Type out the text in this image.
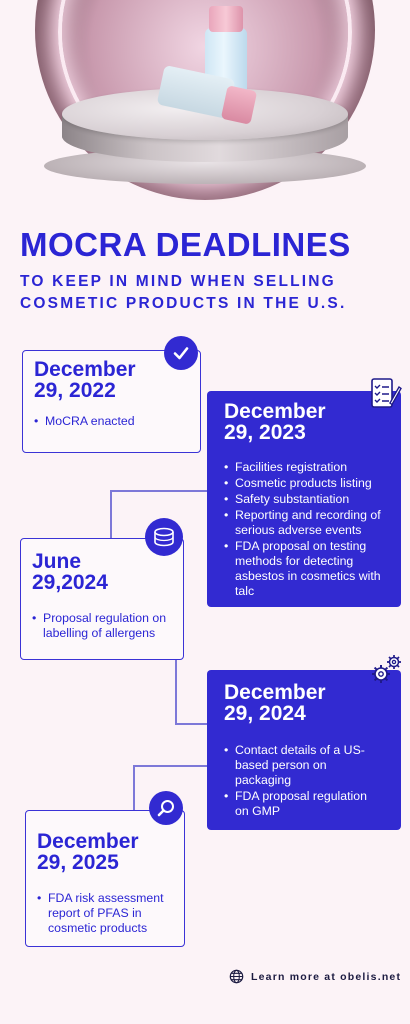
MOCRA DEADLINES
TO KEEP IN MIND WHEN SELLING COSMETIC PRODUCTS IN THE U.S.
December
29, 2022
• MoCRA enacted	December
29, 2023
• Facilities registration
• Cosmetic products listing
• Safety substantiation
• Reporting and recording of serious adverse events
• FDA proposal on testing methods for detecting asbestos in cosmetics with talc
June
29,2024
• Proposal regulation on labelling of allergens
December
29, 2024
• Contact details of a US-based person on packaging
• FDA proposal regulation on GMP
December
29, 2025
• FDA risk assessment report of PFAS in cosmetic products
Learn more at obelis.net
